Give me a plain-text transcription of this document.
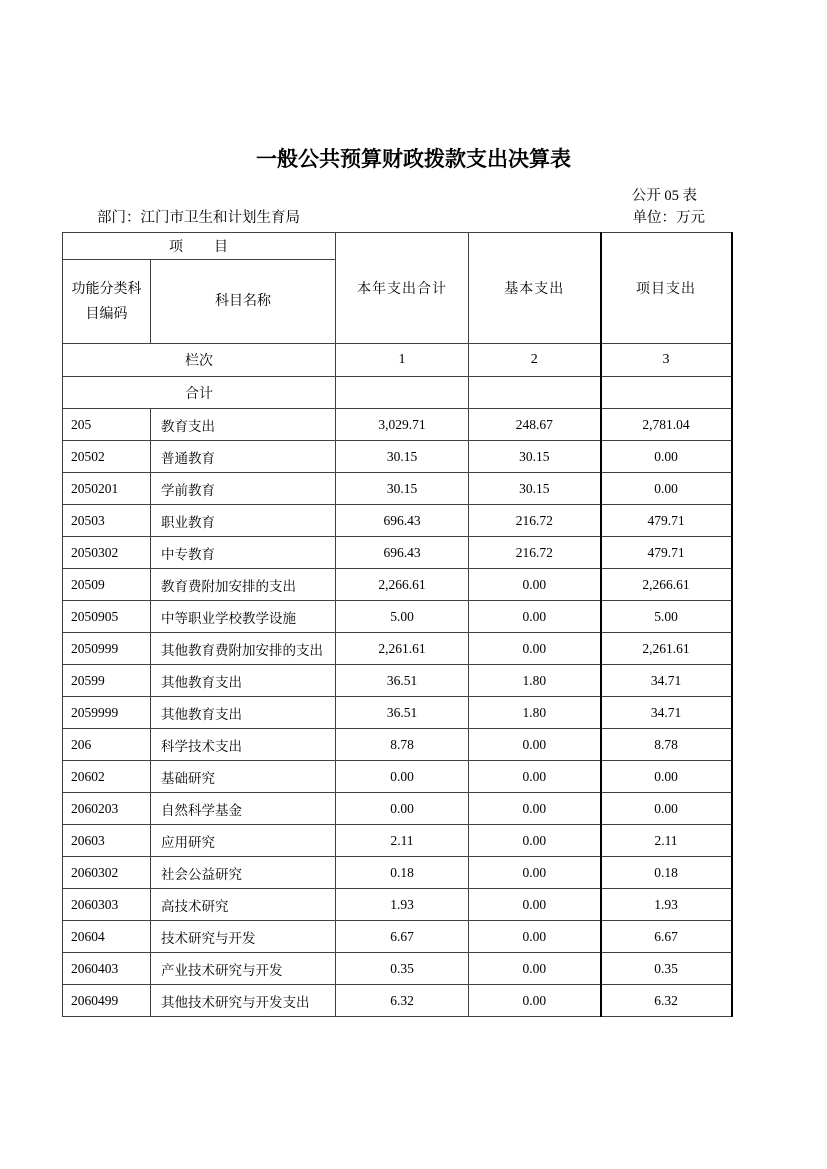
一般公共预算财政拨款支出决算表
公开 05 表
部门：江门市卫生和计划生育局	单位：万元
项　　目		本年支出合计	基本支出	项目支出
功能分类科目编码	科目名称			
栏次		1	2	3
合计				
205	教育支出	3,029.71	248.67	2,781.04
20502	普通教育	30.15	30.15	0.00
2050201	学前教育	30.15	30.15	0.00
20503	职业教育	696.43	216.72	479.71
2050302	中专教育	696.43	216.72	479.71
20509	教育费附加安排的支出	2,266.61	0.00	2,266.61
2050905	中等职业学校教学设施	5.00	0.00	5.00
2050999	其他教育费附加安排的支出	2,261.61	0.00	2,261.61
20599	其他教育支出	36.51	1.80	34.71
2059999	其他教育支出	36.51	1.80	34.71
206	科学技术支出	8.78	0.00	8.78
20602	基础研究	0.00	0.00	0.00
2060203	自然科学基金	0.00	0.00	0.00
20603	应用研究	2.11	0.00	2.11
2060302	社会公益研究	0.18	0.00	0.18
2060303	高技术研究	1.93	0.00	1.93
20604	技术研究与开发	6.67	0.00	6.67
2060403	产业技术研究与开发	0.35	0.00	0.35
2060499	其他技术研究与开发支出	6.32	0.00	6.32
